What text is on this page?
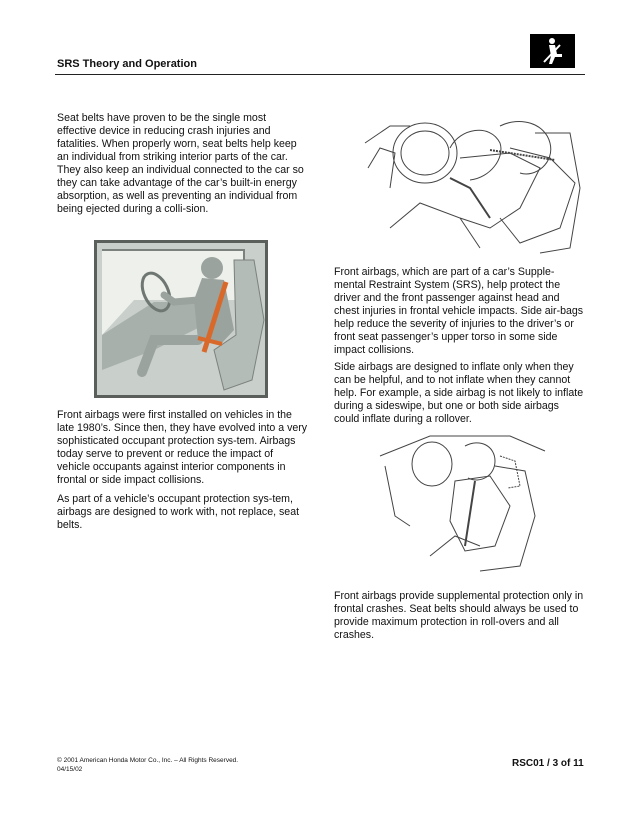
SRS Theory and Operation

Seat belts have proven to be the single most effective device in reducing crash injuries and fatalities. When properly worn, seat belts help keep an individual from striking interior parts of the car. They also keep an individual connected to the car so they can take advantage of the car’s built-in energy absorption, as well as preventing an individual from being ejected during a colli-sion.

Front airbags were first installed on vehicles in the late 1980’s. Since then, they have evolved into a very sophisticated occupant protection sys-tem. Airbags today serve to prevent or reduce the impact of vehicle occupants against interior components in frontal or side impact collisions.

As part of a vehicle’s occupant protection sys-tem, airbags are designed to work with, not replace, seat belts.

Front airbags, which are part of a car’s Supple-mental Restraint System (SRS), help protect the driver and the front passenger against head and chest injuries in frontal vehicle impacts. Side air-bags help reduce the severity of injuries to the driver’s or front seat passenger’s upper torso in some side impact collisions.

Side airbags are designed to inflate only when they can be helpful, and to not inflate when they cannot help. For example, a side airbag is not likely to inflate during a sideswipe, but one or both side airbags could inflate during a rollover.

Front airbags provide supplemental protection only in frontal crashes. Seat belts should always be used to provide maximum protection in roll-overs and all crashes.

© 2001 American Honda Motor Co., Inc. – All Rights Reserved.
04/15/02
RSC01 / 3 of 11
